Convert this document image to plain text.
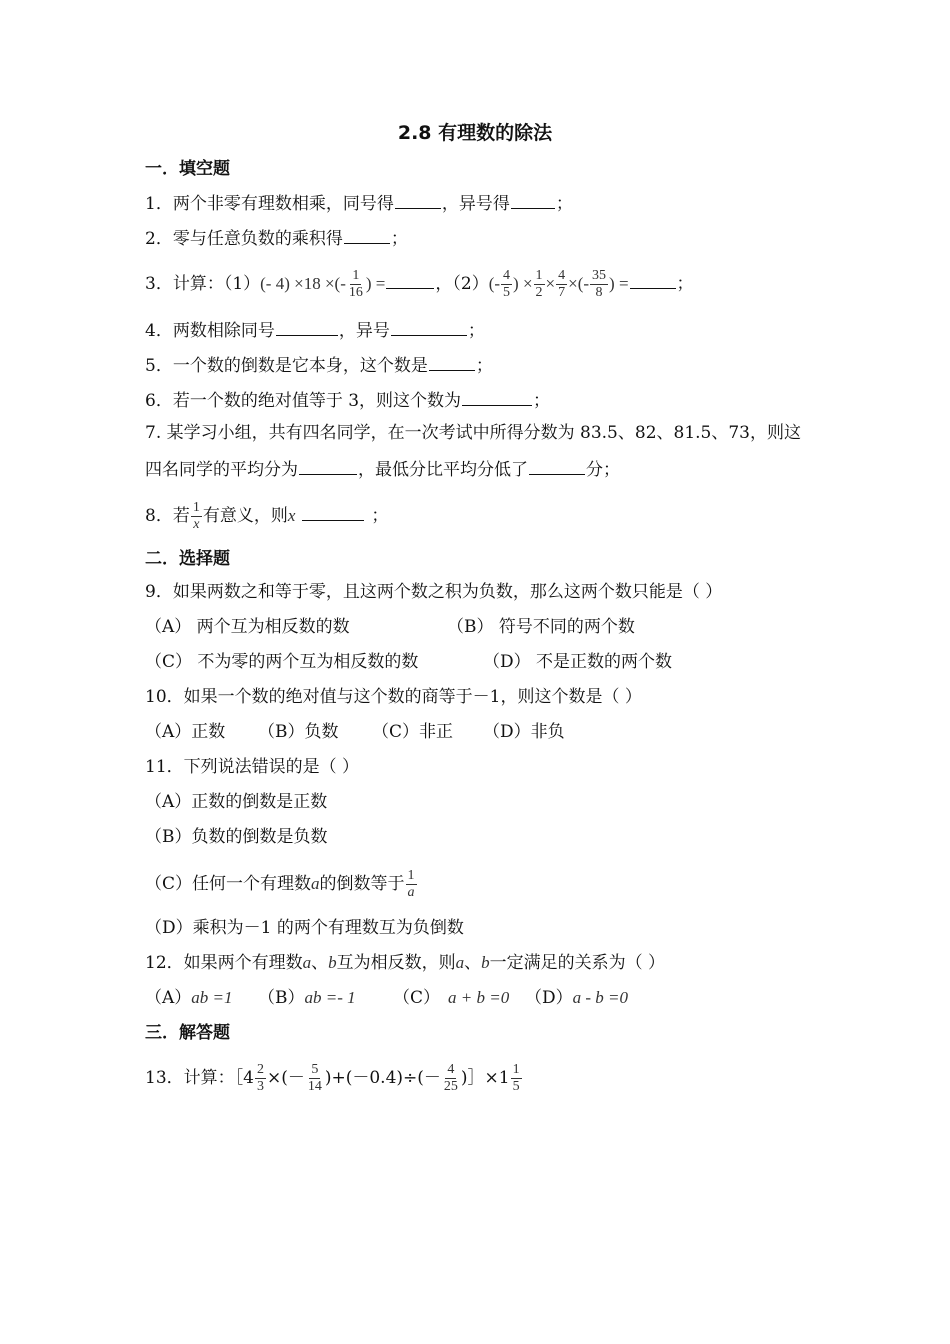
2.8 有理数的除法
一．填空题
1．两个非零有理数相乘，同号得	，异号得	；
2．零与任意负数的乘积得	；
3．计算：（1）(- 4) ×18 ×(- $\frac{1}{16}$ ) =	，$(2)(- \frac{4}{5}$ ) × $\frac{1}{2} \times \frac{4}{7}$ ×(- $\frac{35}{8}$ ) =	；
4．两数相除同号	，异号	；
5．一个数的倒数是它本身，这个数是	；
6．若一个数的绝对值等于 3，则这个数为	；
7. 某学习小组，共有四名同学，在一次考试中所得分数为 83.5、82、81.5、73，则这
四名同学的平均分为	，最低分比平均分低了	分；
8．若 $\frac{1}{x}$ 有意义，则x	；
二．选择题
9．如果两数之和等于零，且这两个数之积为负数，那么这两个数只能是（ ）
（A） 两个互为相反数的数	（B） 符号不同的两个数
（C） 不为零的两个互为相反数的数	（D） 不是正数的两个数
10．如果一个数的绝对值与这个数的商等于－1，则这个数是（ ）
（A）正数 （B）负数 （C）非正 （D）非负
11．下列说法错误的是（ ）
（A）正数的倒数是正数
（B）负数的倒数是负数
（C）任何一个有理数a的倒数等于 $\frac{1}{a}$
（D）乘积为－1 的两个有理数互为负倒数
12．如果两个有理数a、b互为相反数，则a、b一定满足的关系为（ ）
（A）ab =1 （B）ab =- 1 （C） a + b =0 （D）a - b =0
三．解答题
13．计算：［4 $\frac{2}{3}$ ×(－ $\frac{5}{14} )+(-0.4)\div(- \frac{4}{25}$ )］×1 $\frac{1}{5}$
